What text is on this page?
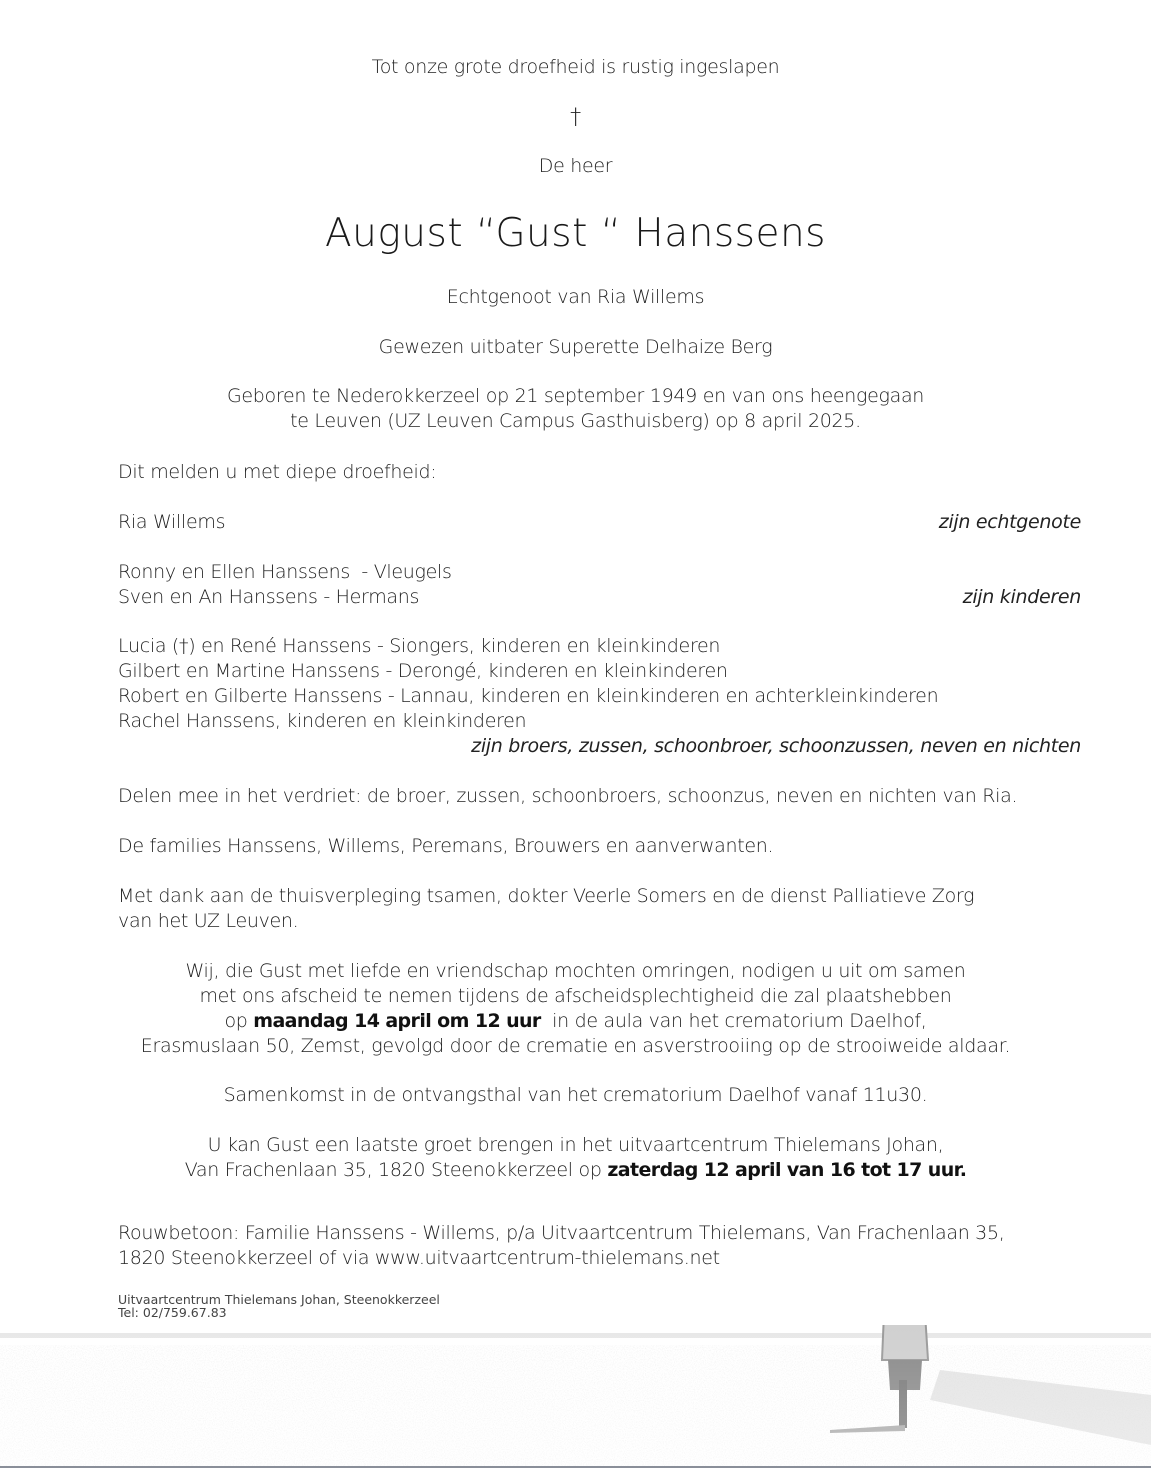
Tot onze grote droefheid is rustig ingeslapen
†
De heer
August “Gust “ Hanssens
Echtgenoot van Ria Willems
Gewezen uitbater Superette Delhaize Berg
Geboren te Nederokkerzeel op 21 september 1949 en van ons heengegaan
te Leuven (UZ Leuven Campus Gasthuisberg) op 8 april 2025.
Dit melden u met diepe droefheid:
Ria Willems	zijn echtgenote
Ronny en Ellen Hanssens  - Vleugels
Sven en An Hanssens - Hermans	zijn kinderen
Lucia (†) en René Hanssens - Siongers, kinderen en kleinkinderen
Gilbert en Martine Hanssens - Derongé, kinderen en kleinkinderen
Robert en Gilberte Hanssens - Lannau, kinderen en kleinkinderen en achterkleinkinderen
Rachel Hanssens, kinderen en kleinkinderen
zijn broers, zussen, schoonbroer, schoonzussen, neven en nichten
Delen mee in het verdriet: de broer, zussen, schoonbroers, schoonzus, neven en nichten van Ria.
De families Hanssens, Willems, Peremans, Brouwers en aanverwanten.
Met dank aan de thuisverpleging tsamen, dokter Veerle Somers en de dienst Palliatieve Zorg
van het UZ Leuven.
Wij, die Gust met liefde en vriendschap mochten omringen, nodigen u uit om samen
met ons afscheid te nemen tijdens de afscheidsplechtigheid die zal plaatshebben
op maandag 14 april om 12 uur  in de aula van het crematorium Daelhof,
Erasmuslaan 50, Zemst, gevolgd door de crematie en asverstrooiing op de strooiweide aldaar.
Samenkomst in de ontvangsthal van het crematorium Daelhof vanaf 11u30.
U kan Gust een laatste groet brengen in het uitvaartcentrum Thielemans Johan,
Van Frachenlaan 35, 1820 Steenokkerzeel op zaterdag 12 april van 16 tot 17 uur.
Rouwbetoon: Familie Hanssens - Willems, p/a Uitvaartcentrum Thielemans, Van Frachenlaan 35,
1820 Steenokkerzeel of via www.uitvaartcentrum-thielemans.net
Uitvaartcentrum Thielemans Johan, Steenokkerzeel
Tel: 02/759.67.83
